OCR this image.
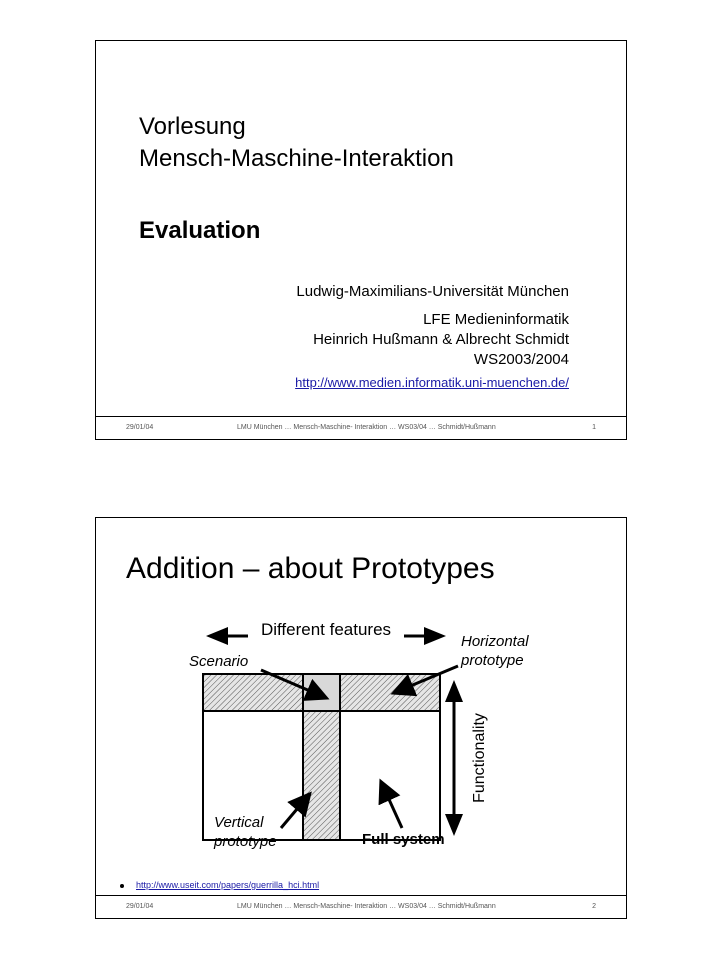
Vorlesung
Mensch-Maschine-Interaktion
Evaluation
Ludwig-Maximilians-Universität München
LFE Medieninformatik
Heinrich Hußmann & Albrecht Schmidt
WS2003/2004
http://www.medien.informatik.uni-muenchen.de/
29/01/04	LMU München … Mensch-Maschine- Interaktion … WS03/04 … Schmidt/Hußmann	1
Addition – about Prototypes
Different features
Scenario
Horizontal
prototype
Functionality
Vertical
prototype	Full system
http://www.useit.com/papers/guerrilla_hci.html
29/01/04	LMU München … Mensch-Maschine- Interaktion … WS03/04 … Schmidt/Hußmann	2
